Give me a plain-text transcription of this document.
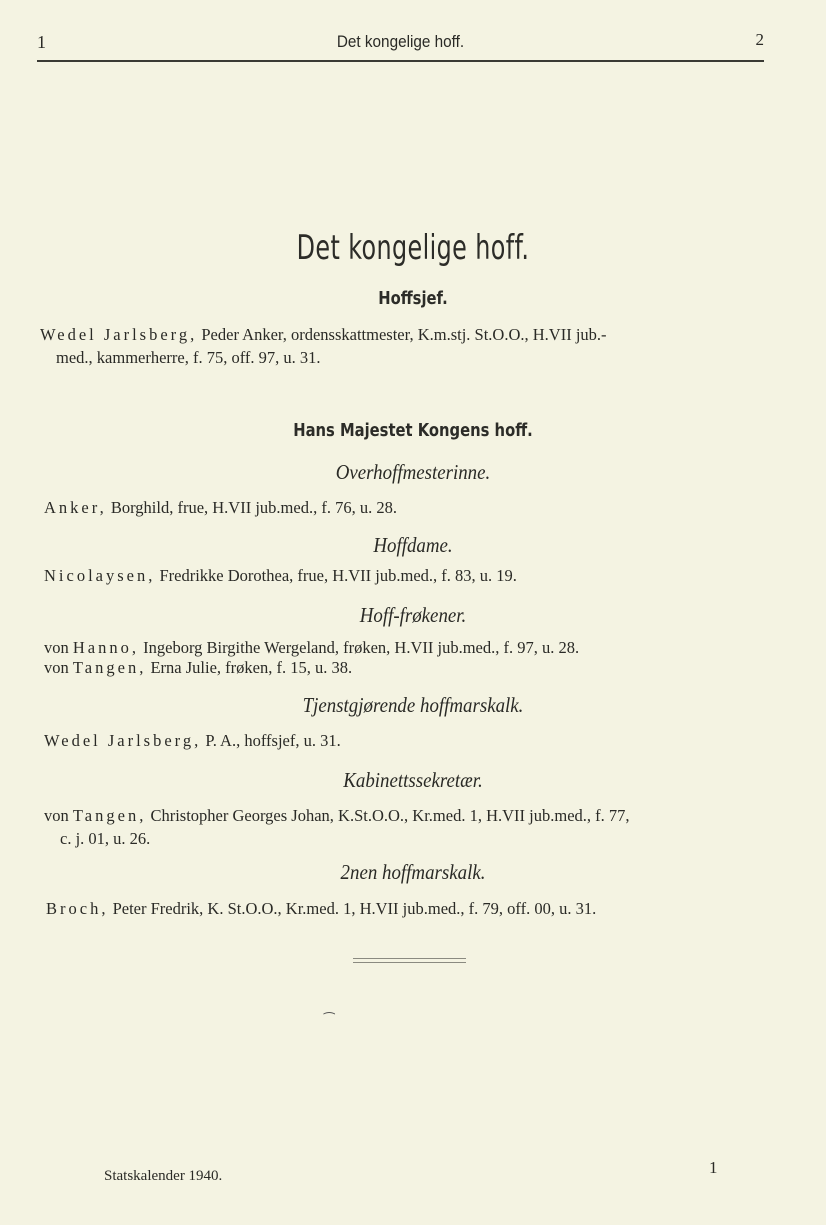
1	Det kongelige hoff.	2
Det kongelige hoff.
Hoffsjef.
Wedel Jarlsberg, Peder Anker, ordensskattmester, K.m.stj. St.O.O., H.VII jub.-
med., kammerherre, f. 75, off. 97, u. 31.
Hans Majestet Kongens hoff.
Overhoffmesterinne.
Anker, Borghild, frue, H.VII jub.med., f. 76, u. 28.
Hoffdame.
Nicolaysen, Fredrikke Dorothea, frue, H.VII jub.med., f. 83, u. 19.
Hoff-frøkener.
von Hanno, Ingeborg Birgithe Wergeland, frøken, H.VII jub.med., f. 97, u. 28.
von Tangen, Erna Julie, frøken, f. 15, u. 38.
Tjenstgjørende hoffmarskalk.
Wedel Jarlsberg, P. A., hoffsjef, u. 31.
Kabinettssekretær.
von Tangen, Christopher Georges Johan, K.St.O.O., Kr.med. 1, H.VII jub.med., f. 77,
c. j. 01, u. 26.
2nen hoffmarskalk.
Broch, Peter Fredrik, K. St.O.O., Kr.med. 1, H.VII jub.med., f. 79, off. 00, u. 31.
⁀
Statskalender 1940.	1
